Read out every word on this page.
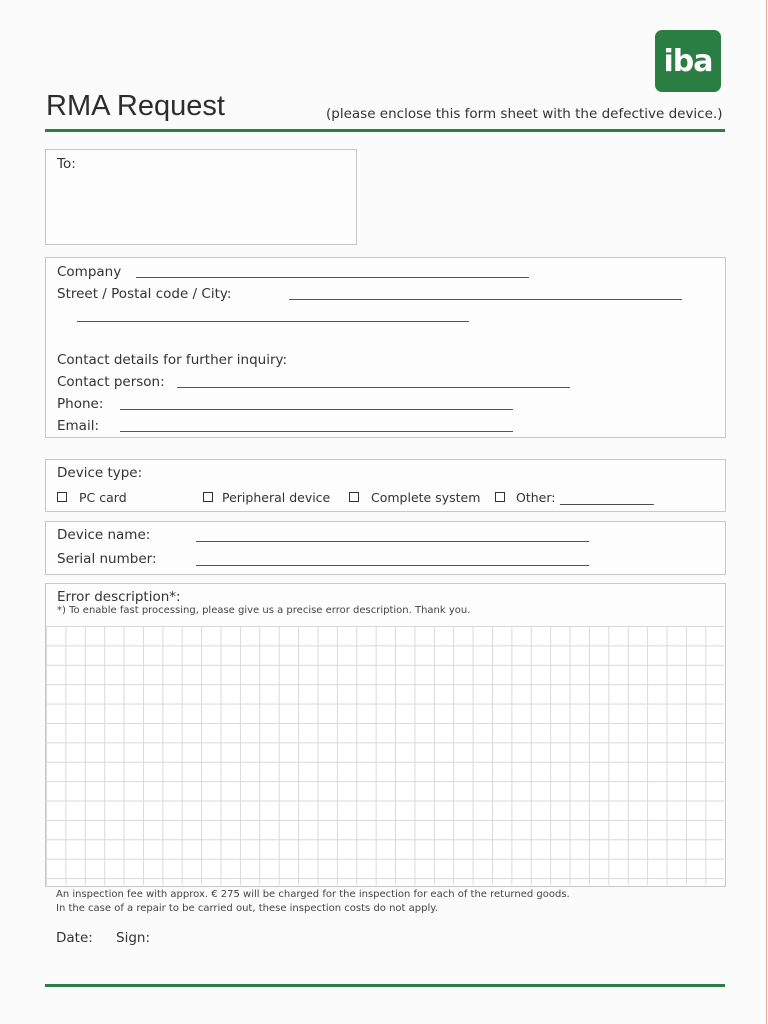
iba
RMA Request	(please enclose this form sheet with the defective device.)
To:
Company
Street / Postal code / City:
Contact details for further inquiry:
Contact person:
Phone:
Email:
Device type:
PC card	Peripheral device	Complete system	Other: _______________
Device name:
Serial number:
Error description*:
*) To enable fast processing, please give us a precise error description. Thank you.
An inspection fee with approx. € 275 will be charged for the inspection for each of the returned goods.
In the case of a repair to be carried out, these inspection costs do not apply.
Date: Sign:
